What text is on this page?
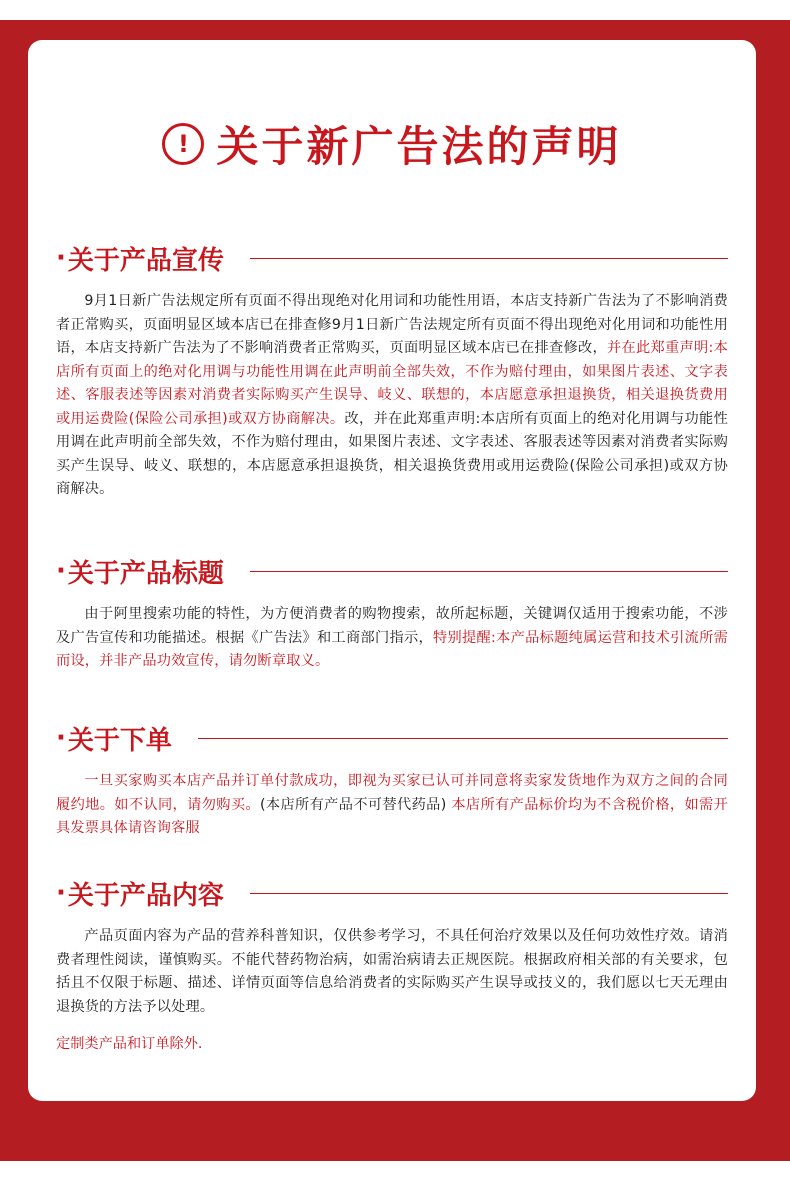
! 关于新广告法的声明
· 关于产品宣传

9月1日新广告法规定所有页面不得出现绝对化用词和功能性用语，本店支持新广告法为了不影响消费者正常购买，页面明显区域本店已在排查修9月1日新广告法规定所有页面不得出现绝对化用词和功能性用语，本店支持新广告法为了不影响消费者正常购买，页面明显区域本店已在排查修改，并在此郑重声明:本店所有页面上的绝对化用调与功能性用调在此声明前全部失效，不作为赔付理由，如果图片表述、文字表述、客服表述等因素对消费者实际购买产生误导、岐义、联想的，本店愿意承担退换货，相关退换货费用或用运费险(保险公司承担)或双方协商解决。改，并在此郑重声明:本店所有页面上的绝对化用调与功能性用调在此声明前全部失效，不作为赔付理由，如果图片表述、文字表述、客服表述等因素对消费者实际购买产生误导、岐义、联想的，本店愿意承担退换货，相关退换货费用或用运费险(保险公司承担)或双方协商解决。

· 关于产品标题

由于阿里搜索功能的特性，为方便消费者的购物搜索，故所起标题，关键调仅适用于搜索功能，不涉及广告宣传和功能描述。根据《广告法》和工商部门指示，特别提醒:本产品标题纯属运营和技术引流所需而设，并非产品功效宣传，请勿断章取义。

· 关于下单

一旦买家购买本店产品并订单付款成功，即视为买家已认可并同意将卖家发货地作为双方之间的合同履约地。如不认同，请勿购买。(本店所有产品不可替代药品) 本店所有产品标价均为不含税价格，如需开具发票具体请咨询客服

· 关于产品内容

产品页面内容为产品的营养科普知识，仅供参考学习，不具任何治疗效果以及任何功效性疗效。请消费者理性阅读，谨慎购买。不能代替药物治病，如需治病请去正规医院。根据政府相关部的有关要求，包括且不仅限于标题、描述、详情页面等信息给消费者的实际购买产生误导或技义的，我们愿以七天无理由退换货的方法予以处理。

定制类产品和订单除外.
